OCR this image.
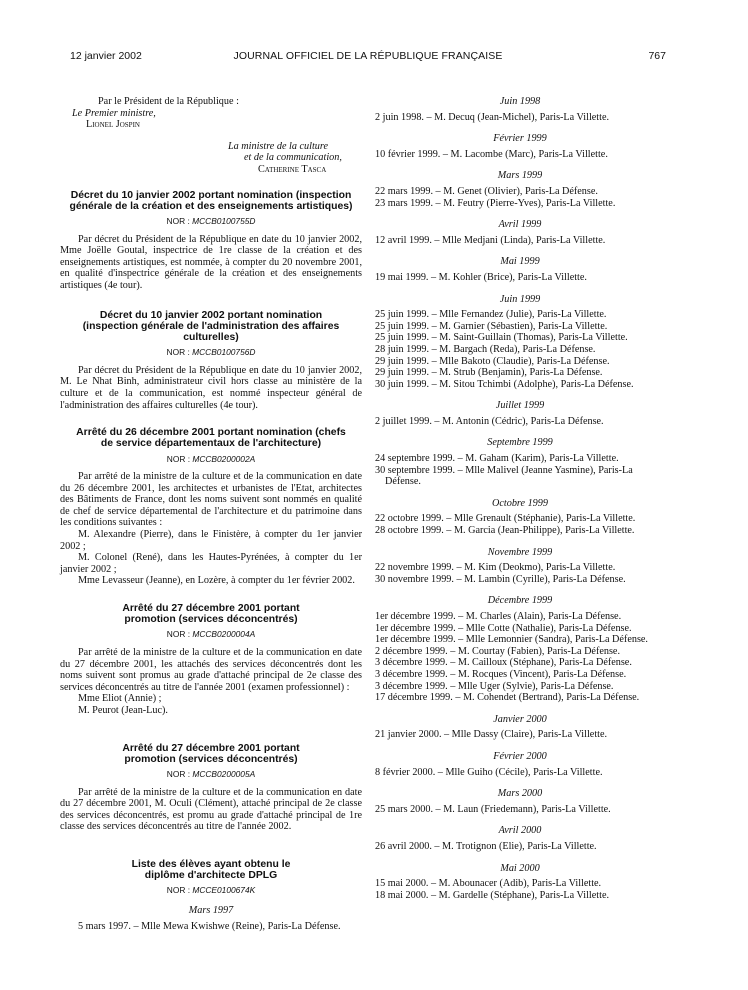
12 janvier 2002	JOURNAL OFFICIEL DE LA RÉPUBLIQUE FRANÇAISE	767

Par le Président de la République :

Le Premier ministre,

Lionel Jospin

La ministre de la culture

et de la communication,

Catherine Tasca

Décret du 10 janvier 2002 portant nomination (inspection générale de la création et des enseignements artistiques)

NOR : MCCB0100755D

Par décret du Président de la République en date du 10 janvier 2002, Mme Joëlle Goutal, inspectrice de 1re classe de la création et des enseignements artistiques, est nommée, à compter du 20 novembre 2001, en qualité d'inspectrice générale de la création et des enseignements artistiques (4e tour).

Décret du 10 janvier 2002 portant nomination (inspection générale de l'administration des affaires culturelles)

NOR : MCCB0100756D

Par décret du Président de la République en date du 10 janvier 2002, M. Le Nhat Binh, administrateur civil hors classe au ministère de la culture et de la communication, est nommé inspecteur général de l'administration des affaires culturelles (4e tour).

Arrêté du 26 décembre 2001 portant nomination (chefs de service départementaux de l'architecture)

NOR : MCCB0200002A

Par arrêté de la ministre de la culture et de la communication en date du 26 décembre 2001, les architectes et urbanistes de l'Etat, architectes des Bâtiments de France, dont les noms suivent sont nommés en qualité de chef de service départemental de l'architecture et du patrimoine dans les conditions suivantes :

M. Alexandre (Pierre), dans le Finistère, à compter du 1er janvier 2002 ;

M. Colonel (René), dans les Hautes-Pyrénées, à compter du 1er janvier 2002 ;

Mme Levasseur (Jeanne), en Lozère, à compter du 1er février 2002.

Arrêté du 27 décembre 2001 portant promotion (services déconcentrés)

NOR : MCCB0200004A

Par arrêté de la ministre de la culture et de la communication en date du 27 décembre 2001, les attachés des services déconcentrés dont les noms suivent sont promus au grade d'attaché principal de 2e classe des services déconcentrés au titre de l'année 2001 (examen professionnel) :

Mme Eliot (Annie) ;

M. Peurot (Jean-Luc).

Arrêté du 27 décembre 2001 portant promotion (services déconcentrés)

NOR : MCCB0200005A

Par arrêté de la ministre de la culture et de la communication en date du 27 décembre 2001, M. Oculi (Clément), attaché principal de 2e classe des services déconcentrés, est promu au grade d'attaché principal de 1re classe des services déconcentrés au titre de l'année 2002.

Liste des élèves ayant obtenu le diplôme d'architecte DPLG

NOR : MCCE0100674K

Mars 1997

5 mars 1997. – Mlle Mewa Kwishwe (Reine), Paris-La Défense.

Juin 1998

2 juin 1998. – M. Decuq (Jean-Michel), Paris-La Villette.

Février 1999

10 février 1999. – M. Lacombe (Marc), Paris-La Villette.

Mars 1999

22 mars 1999. – M. Genet (Olivier), Paris-La Défense.

23 mars 1999. – M. Feutry (Pierre-Yves), Paris-La Villette.

Avril 1999

12 avril 1999. – Mlle Medjani (Linda), Paris-La Villette.

Mai 1999

19 mai 1999. – M. Kohler (Brice), Paris-La Villette.

Juin 1999

25 juin 1999. – Mlle Fernandez (Julie), Paris-La Villette.

25 juin 1999. – M. Garnier (Sébastien), Paris-La Villette.

25 juin 1999. – M. Saint-Guillain (Thomas), Paris-La Villette.

28 juin 1999. – M. Bargach (Reda), Paris-La Défense.

29 juin 1999. – Mlle Bakoto (Claudie), Paris-La Défense.

29 juin 1999. – M. Strub (Benjamin), Paris-La Défense.

30 juin 1999. – M. Sitou Tchimbi (Adolphe), Paris-La Défense.

Juillet 1999

2 juillet 1999. – M. Antonin (Cédric), Paris-La Défense.

Septembre 1999

24 septembre 1999. – M. Gaham (Karim), Paris-La Villette.

30 septembre 1999. – Mlle Malivel (Jeanne Yasmine), Paris-La Défense.

Octobre 1999

22 octobre 1999. – Mlle Grenault (Stéphanie), Paris-La Villette.

28 octobre 1999. – M. Garcia (Jean-Philippe), Paris-La Villette.

Novembre 1999

22 novembre 1999. – M. Kim (Deokmo), Paris-La Villette.

30 novembre 1999. – M. Lambin (Cyrille), Paris-La Défense.

Décembre 1999

1er décembre 1999. – M. Charles (Alain), Paris-La Défense.

1er décembre 1999. – Mlle Cotte (Nathalie), Paris-La Défense.

1er décembre 1999. – Mlle Lemonnier (Sandra), Paris-La Défense.

2 décembre 1999. – M. Courtay (Fabien), Paris-La Défense.

3 décembre 1999. – M. Cailloux (Stéphane), Paris-La Défense.

3 décembre 1999. – M. Rocques (Vincent), Paris-La Défense.

3 décembre 1999. – Mlle Uger (Sylvie), Paris-La Défense.

17 décembre 1999. – M. Cohendet (Bertrand), Paris-La Défense.

Janvier 2000

21 janvier 2000. – Mlle Dassy (Claire), Paris-La Villette.

Février 2000

8 février 2000. – Mlle Guiho (Cécile), Paris-La Villette.

Mars 2000

25 mars 2000. – M. Laun (Friedemann), Paris-La Villette.

Avril 2000

26 avril 2000. – M. Trotignon (Elie), Paris-La Villette.

Mai 2000

15 mai 2000. – M. Abounacer (Adib), Paris-La Villette.

18 mai 2000. – M. Gardelle (Stéphane), Paris-La Villette.
